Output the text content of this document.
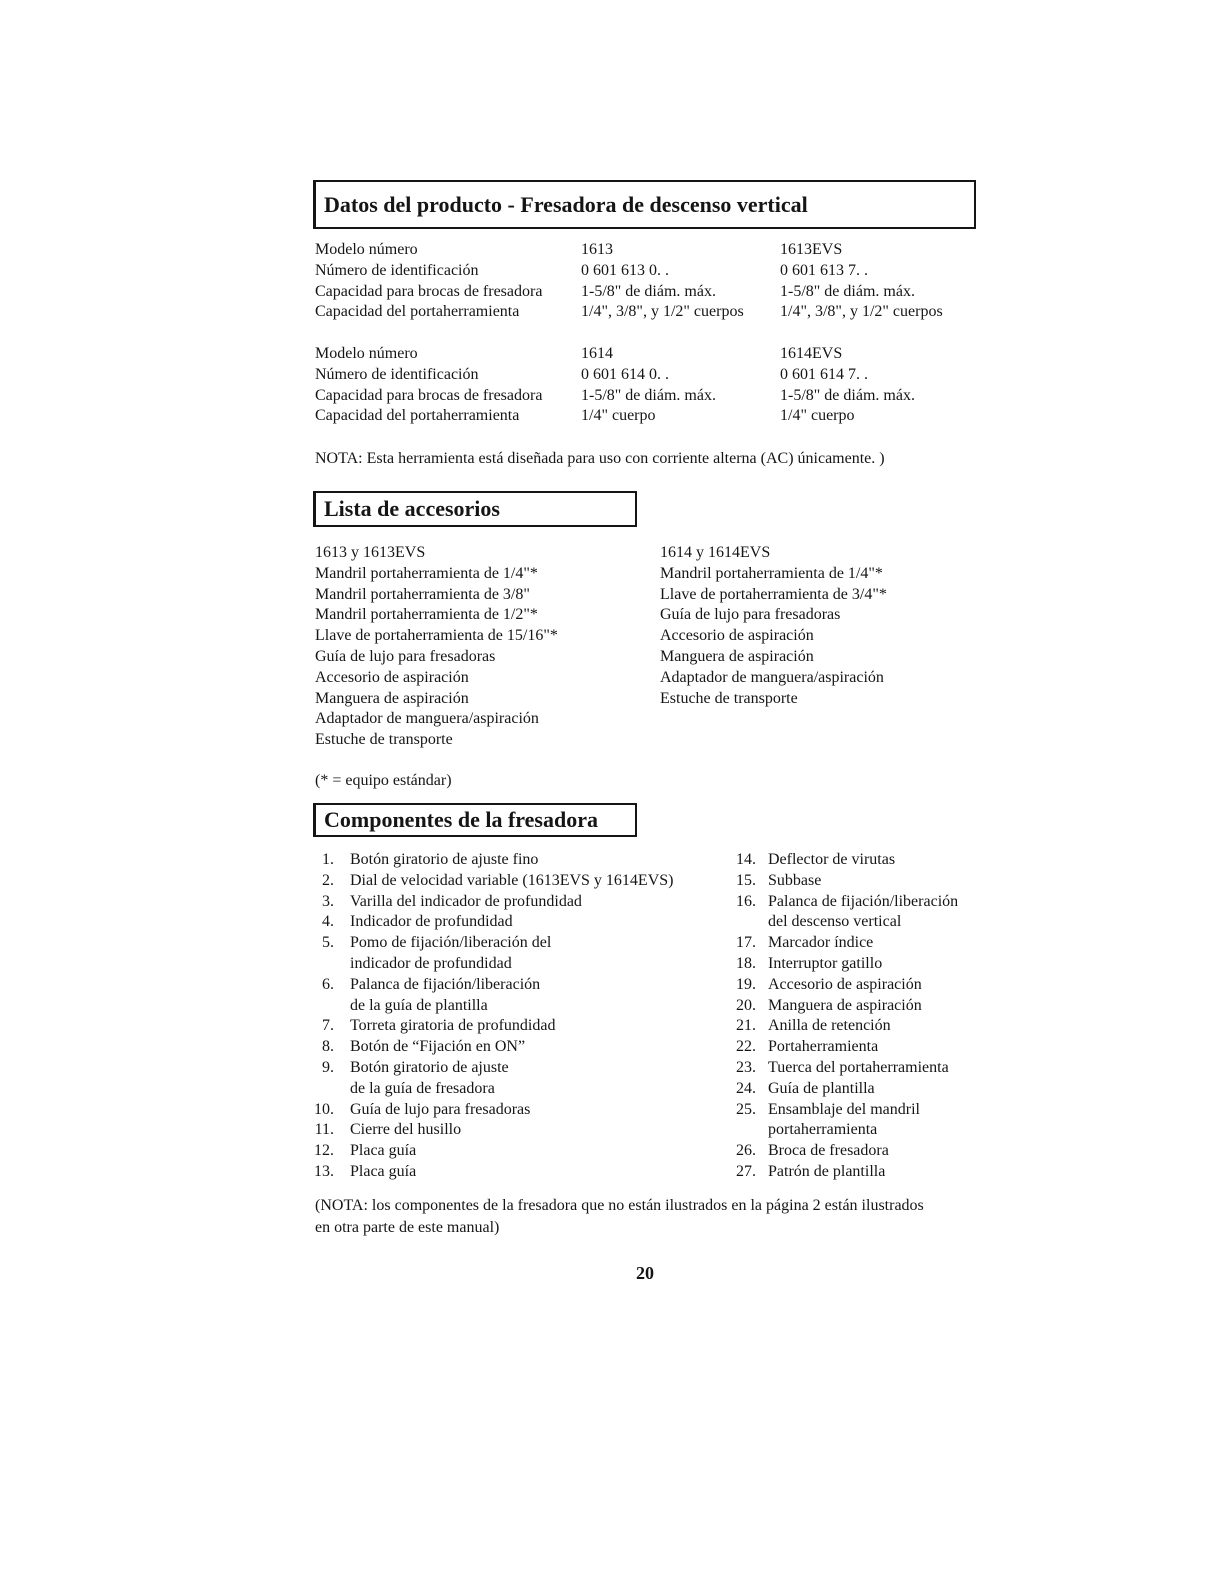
Datos del producto - Fresadora de descenso vertical
Modelo número	1613	1613EVS
Número de identificación	0 601 613 0. .	0 601 613 7. .
Capacidad para brocas de fresadora	1-5/8" de diám. máx.	1-5/8" de diám. máx.
Capacidad del portaherramienta	1/4", 3/8", y 1/2" cuerpos	1/4", 3/8", y 1/2" cuerpos
Modelo número	1614	1614EVS
Número de identificación	0 601 614 0. .	0 601 614 7. .
Capacidad para brocas de fresadora	1-5/8" de diám. máx.	1-5/8" de diám. máx.
Capacidad del portaherramienta	1/4" cuerpo	1/4" cuerpo
NOTA: Esta herramienta está diseñada para uso con corriente alterna (AC) únicamente. )
Lista de accesorios
1613 y 1613EVS
Mandril portaherramienta de 1/4"*
Mandril portaherramienta de 3/8"
Mandril portaherramienta de 1/2"*
Llave de portaherramienta de 15/16"*
Guía de lujo para fresadoras
Accesorio de aspiración
Manguera de aspiración
Adaptador de manguera/aspiración
Estuche de transporte
1614 y 1614EVS
Mandril portaherramienta de 1/4"*
Llave de portaherramienta de 3/4"*
Guía de lujo para fresadoras
Accesorio de aspiración
Manguera de aspiración
Adaptador de manguera/aspiración
Estuche de transporte
(* = equipo estándar)
Componentes de la fresadora
1. Botón giratorio de ajuste fino
2. Dial de velocidad variable (1613EVS y 1614EVS)
3. Varilla del indicador de profundidad
4. Indicador de profundidad
5. Pomo de fijación/liberación del
indicador de profundidad
6. Palanca de fijación/liberación
de la guía de plantilla
7. Torreta giratoria de profundidad
8. Botón de “Fijación en ON”
9. Botón giratorio de ajuste
de la guía de fresadora
10. Guía de lujo para fresadoras
11. Cierre del husillo
12. Placa guía
13. Placa guía
14. Deflector de virutas
15. Subbase
16. Palanca de fijación/liberación
del descenso vertical
17. Marcador índice
18. Interruptor gatillo
19. Accesorio de aspiración
20. Manguera de aspiración
21. Anilla de retención
22. Portaherramienta
23. Tuerca del portaherramienta
24. Guía de plantilla
25. Ensamblaje del mandril
portaherramienta
26. Broca de fresadora
27. Patrón de plantilla
(NOTA: los componentes de la fresadora que no están ilustrados en la página 2 están ilustrados
en otra parte de este manual)
20
